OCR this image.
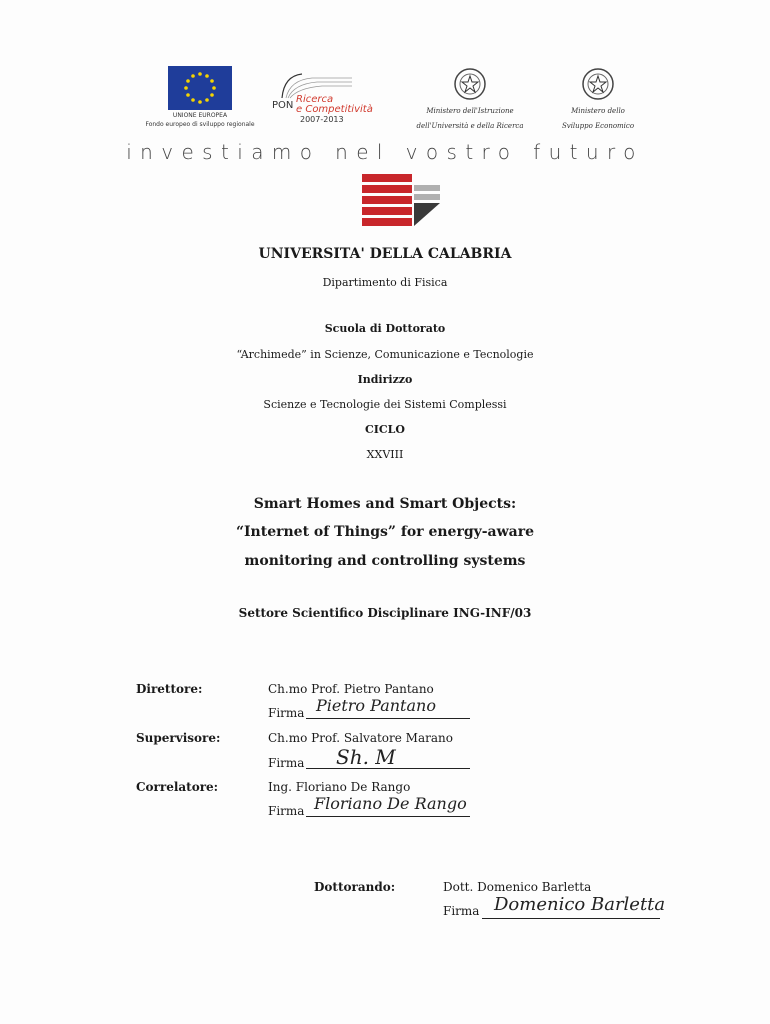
UNIONE EUROPEA
Fondo europeo di sviluppo regionale
PON
Ricerca
e Competitività
2007-2013
Ministero dell'Istruzione
dell'Università e della Ricerca
Ministero dello
Sviluppo Economico
investiamo nel vostro futuro
UNIVERSITA' DELLA CALABRIA
Dipartimento di Fisica
Scuola di Dottorato
“Archimede” in Scienze, Comunicazione e Tecnologie
Indirizzo
Scienze e Tecnologie dei Sistemi Complessi
CICLO
XXVIII
Smart Homes and Smart Objects:
“Internet of Things” for energy-aware
monitoring and controlling systems
Settore Scientifico Disciplinare ING-INF/03
Direttore:	Ch.mo Prof. Pietro Pantano
Firma Pietro Pantano
Supervisore:	Ch.mo Prof. Salvatore Marano
Firma Sh. M
Correlatore:	Ing. Floriano De Rango
Firma Floriano De Rango
Dottorando:	Dott. Domenico Barletta
Firma Domenico Barletta
